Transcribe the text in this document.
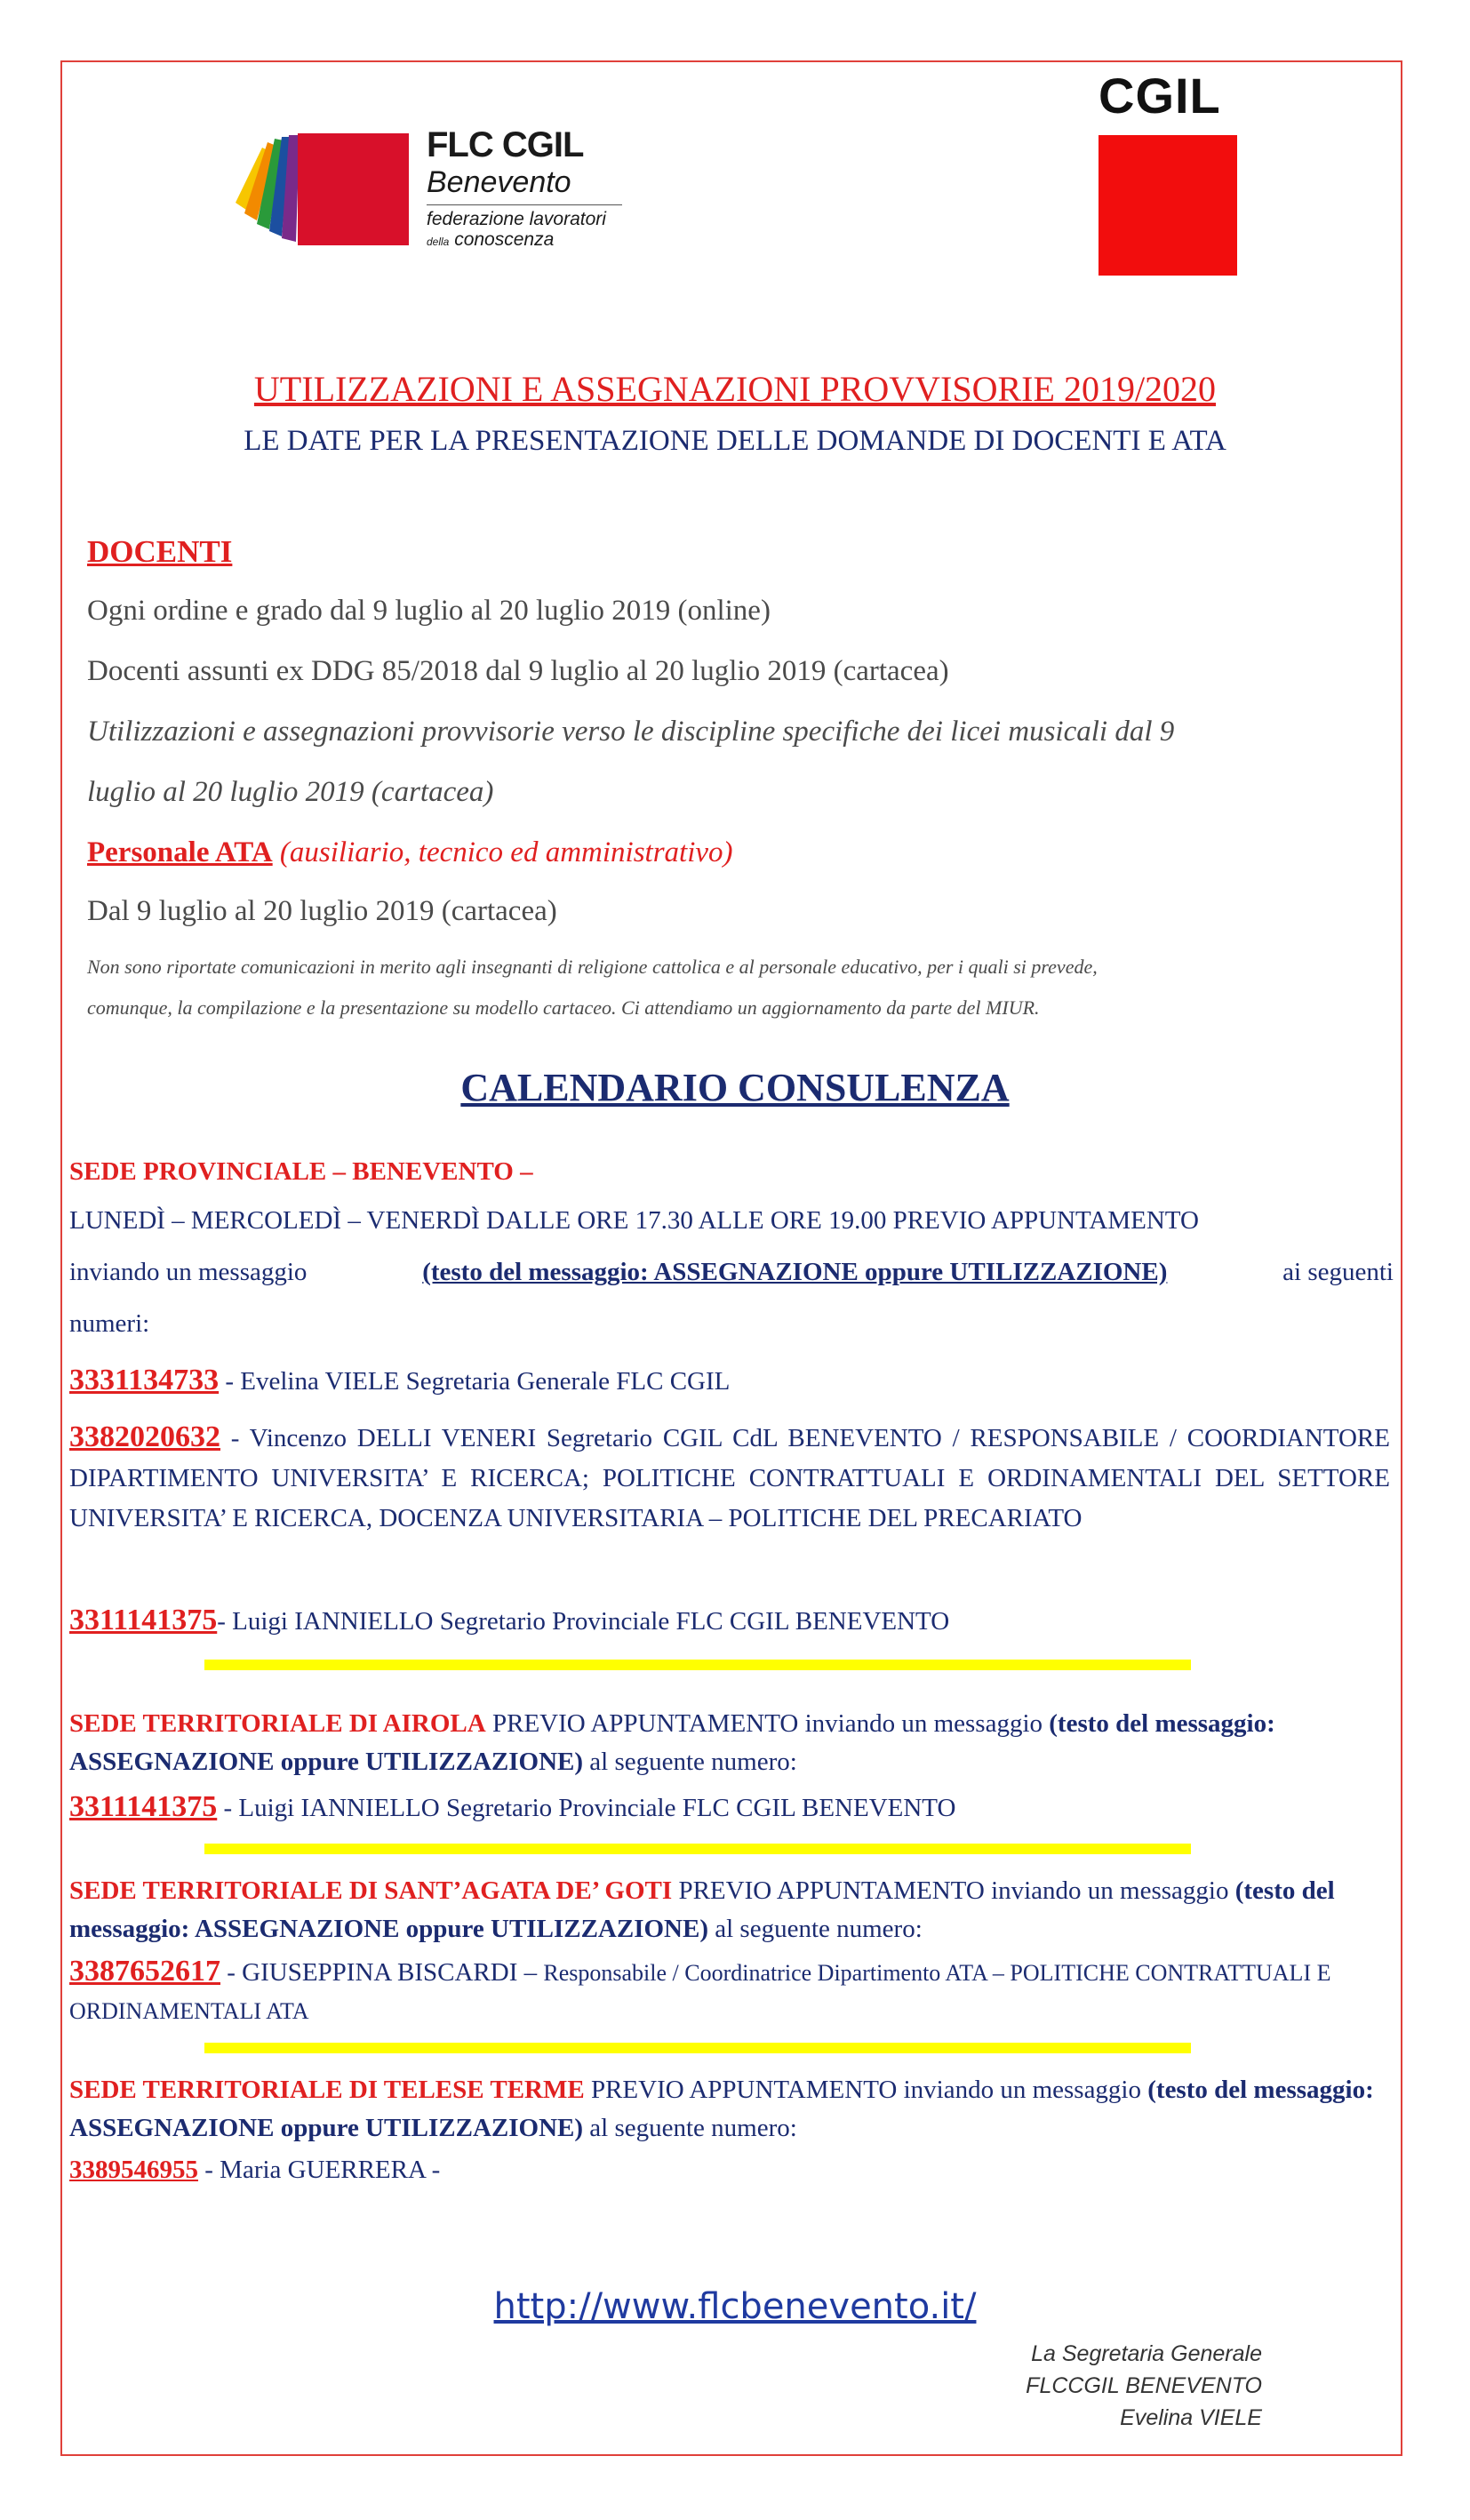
FLC CGIL
Benevento
federazione lavoratori
della conoscenza
CGIL
UTILIZZAZIONI E ASSEGNAZIONI PROVVISORIE 2019/2020
LE DATE PER LA PRESENTAZIONE DELLE DOMANDE DI DOCENTI E ATA
DOCENTI
Ogni ordine e grado dal 9 luglio al 20 luglio 2019 (online)
Docenti assunti ex DDG 85/2018 dal 9 luglio al 20 luglio 2019 (cartacea)
Utilizzazioni e assegnazioni provvisorie verso le discipline specifiche dei licei musicali dal 9
luglio al 20 luglio 2019 (cartacea)
Personale ATA (ausiliario, tecnico ed amministrativo)
Dal 9 luglio al 20 luglio 2019 (cartacea)
Non sono riportate comunicazioni in merito agli insegnanti di religione cattolica e al personale educativo, per i quali si prevede,
comunque, la compilazione e la presentazione su modello cartaceo. Ci attendiamo un aggiornamento da parte del MIUR.
CALENDARIO CONSULENZA
SEDE PROVINCIALE – BENEVENTO –
LUNEDÌ – MERCOLEDÌ – VENERDÌ DALLE ORE 17.30 ALLE ORE 19.00 PREVIO APPUNTAMENTO
inviando un messaggio	(testo del messaggio: ASSEGNAZIONE oppure UTILIZZAZIONE)	ai seguenti
numeri:
3331134733 - Evelina VIELE Segretaria Generale FLC CGIL
3382020632 - Vincenzo DELLI VENERI Segretario CGIL CdL BENEVENTO / RESPONSABILE / COORDIANTORE DIPARTIMENTO UNIVERSITA’ E RICERCA; POLITICHE CONTRATTUALI E ORDINAMENTALI DEL SETTORE UNIVERSITA’ E RICERCA, DOCENZA UNIVERSITARIA – POLITICHE DEL PRECARIATO
3311141375- Luigi IANNIELLO Segretario Provinciale FLC CGIL BENEVENTO
SEDE TERRITORIALE DI AIROLA PREVIO APPUNTAMENTO inviando un messaggio (testo del messaggio: ASSEGNAZIONE oppure UTILIZZAZIONE) al seguente numero:
3311141375 - Luigi IANNIELLO Segretario Provinciale FLC CGIL BENEVENTO
SEDE TERRITORIALE DI SANT’AGATA DE’ GOTI PREVIO APPUNTAMENTO inviando un messaggio (testo del messaggio: ASSEGNAZIONE oppure UTILIZZAZIONE) al seguente numero:
3387652617 - GIUSEPPINA BISCARDI – Responsabile / Coordinatrice Dipartimento ATA – POLITICHE CONTRATTUALI E ORDINAMENTALI ATA
SEDE TERRITORIALE DI TELESE TERME PREVIO APPUNTAMENTO inviando un messaggio (testo del messaggio: ASSEGNAZIONE oppure UTILIZZAZIONE) al seguente numero:
3389546955 - Maria GUERRERA -
http://www.flcbenevento.it/
La Segretaria Generale
FLCCGIL BENEVENTO
Evelina VIELE
